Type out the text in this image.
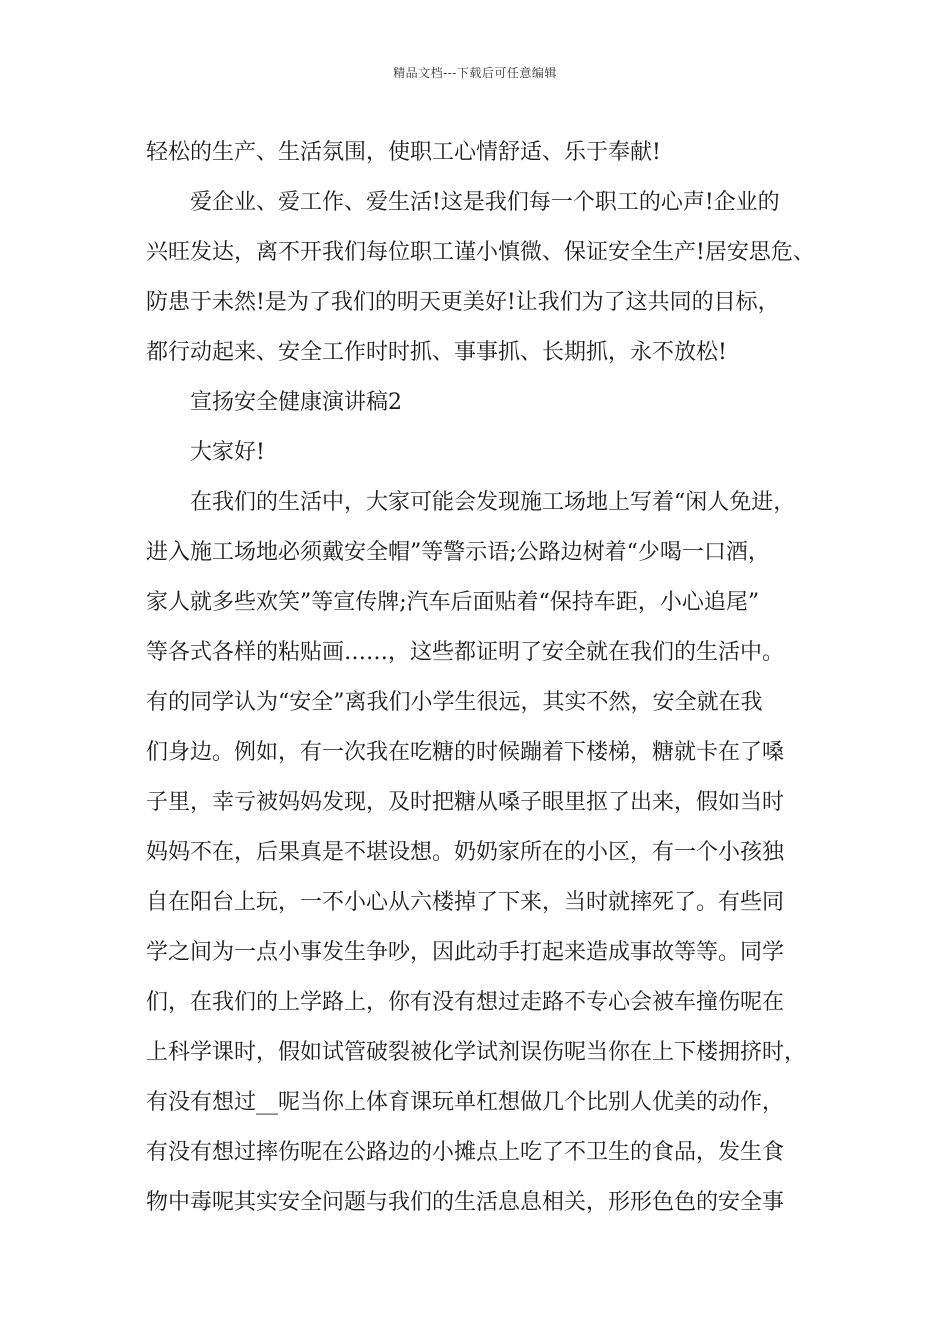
精品文档---下载后可任意编辑
轻松的生产、生活氛围，使职工心情舒适、乐于奉献!
爱企业、爱工作、爱生活!这是我们每一个职工的心声!企业的
兴旺发达，离不开我们每位职工谨小慎微、保证安全生产!居安思危、
防患于未然!是为了我们的明天更美好!让我们为了这共同的目标，
都行动起来、安全工作时时抓、事事抓、长期抓，永不放松!
宣扬安全健康演讲稿2
大家好!
在我们的生活中，大家可能会发现施工场地上写着“闲人免进，
进入施工场地必须戴安全帽”等警示语;公路边树着“少喝一口酒，
家人就多些欢笑”等宣传牌;汽车后面贴着“保持车距，小心追尾”
等各式各样的粘贴画……，这些都证明了安全就在我们的生活中。
有的同学认为“安全”离我们小学生很远，其实不然，安全就在我
们身边。例如，有一次我在吃糖的时候蹦着下楼梯，糖就卡在了嗓
子里，幸亏被妈妈发现，及时把糖从嗓子眼里抠了出来，假如当时
妈妈不在，后果真是不堪设想。奶奶家所在的小区，有一个小孩独
自在阳台上玩，一不小心从六楼掉了下来，当时就摔死了。有些同
学之间为一点小事发生争吵，因此动手打起来造成事故等等。同学
们，在我们的上学路上，你有没有想过走路不专心会被车撞伤呢在
上科学课时，假如试管破裂被化学试剂误伤呢当你在上下楼拥挤时，
有没有想过__呢当你上体育课玩单杠想做几个比别人优美的动作，
有没有想过摔伤呢在公路边的小摊点上吃了不卫生的食品，发生食
物中毒呢其实安全问题与我们的生活息息相关，形形色色的安全事
